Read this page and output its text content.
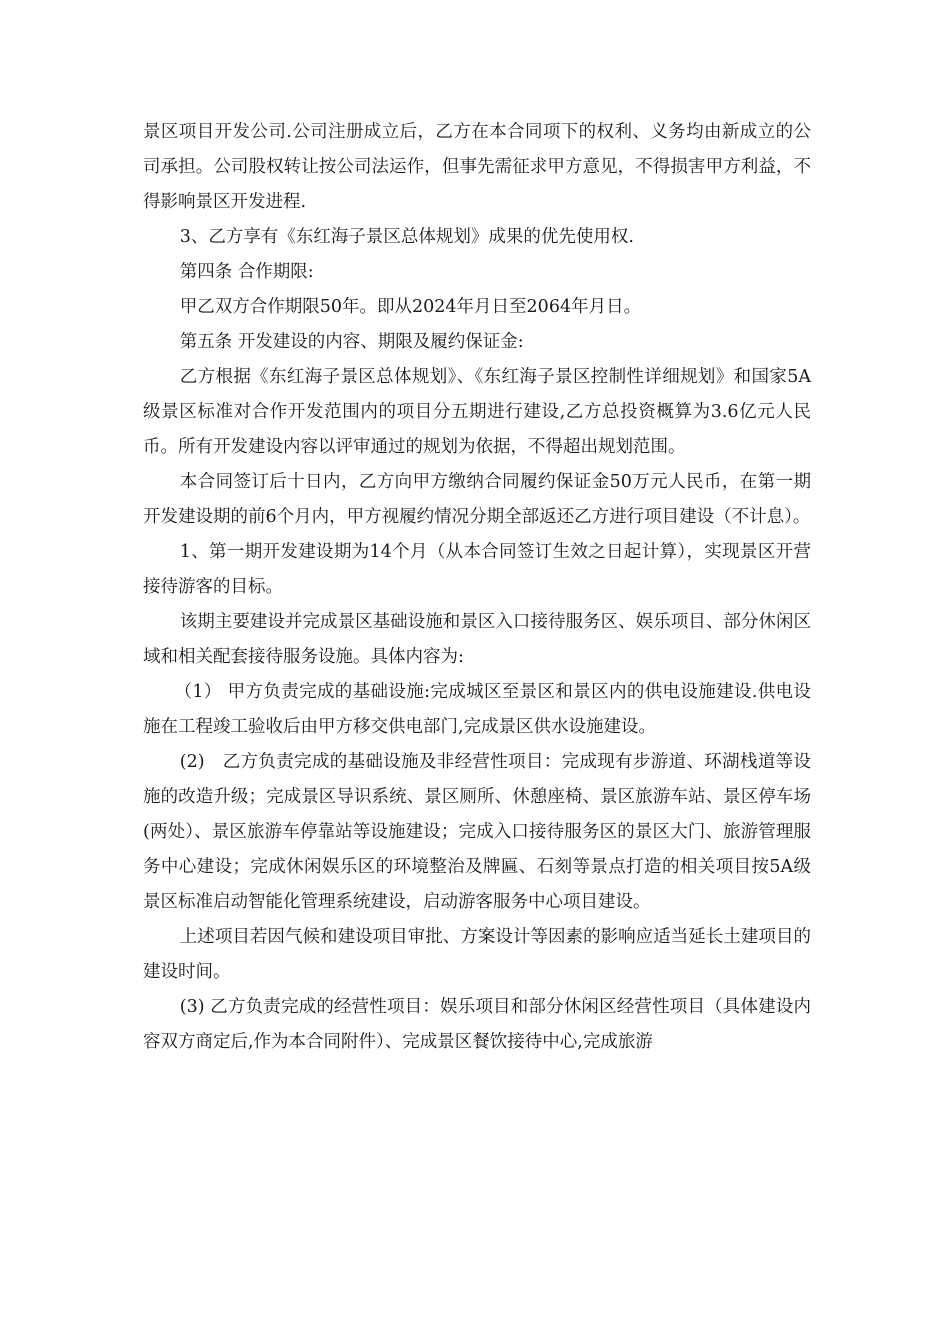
景区项目开发公司.公司注册成立后，乙方在本合同项下的权利、义务均由新成立的公司承担。公司股权转让按公司法运作，但事先需征求甲方意见，不得损害甲方利益，不得影响景区开发进程.

3、乙方享有《东红海子景区总体规划》成果的优先使用权.

第四条 合作期限:

甲乙双方合作期限50年。即从2024年月日至2064年月日。

第五条 开发建设的内容、期限及履约保证金:

乙方根据《东红海子景区总体规划》、《东红海子景区控制性详细规划》和国家5A级景区标准对合作开发范围内的项目分五期进行建设,乙方总投资概算为3.6亿元人民币。所有开发建设内容以评审通过的规划为依据，不得超出规划范围。

本合同签订后十日内，乙方向甲方缴纳合同履约保证金50万元人民币，在第一期开发建设期的前6个月内，甲方视履约情况分期全部返还乙方进行项目建设（不计息）。

1、第一期开发建设期为14个月（从本合同签订生效之日起计算），实现景区开营接待游客的目标。

该期主要建设并完成景区基础设施和景区入口接待服务区、娱乐项目、部分休闲区域和相关配套接待服务设施。具体内容为:

（1） 甲方负责完成的基础设施:完成城区至景区和景区内的供电设施建设.供电设施在工程竣工验收后由甲方移交供电部门,完成景区供水设施建设。

(2)　乙方负责完成的基础设施及非经营性项目：完成现有步游道、环湖栈道等设施的改造升级；完成景区导识系统、景区厕所、休憩座椅、景区旅游车站、景区停车场(两处）、景区旅游车停靠站等设施建设；完成入口接待服务区的景区大门、旅游管理服务中心建设；完成休闲娱乐区的环境整治及牌匾、石刻等景点打造的相关项目按5A级景区标准启动智能化管理系统建设，启动游客服务中心项目建设。

上述项目若因气候和建设项目审批、方案设计等因素的影响应适当延长土建项目的建设时间。

(3) 乙方负责完成的经营性项目：娱乐项目和部分休闲区经营性项目（具体建设内容双方商定后,作为本合同附件）、完成景区餐饮接待中心,完成旅游
